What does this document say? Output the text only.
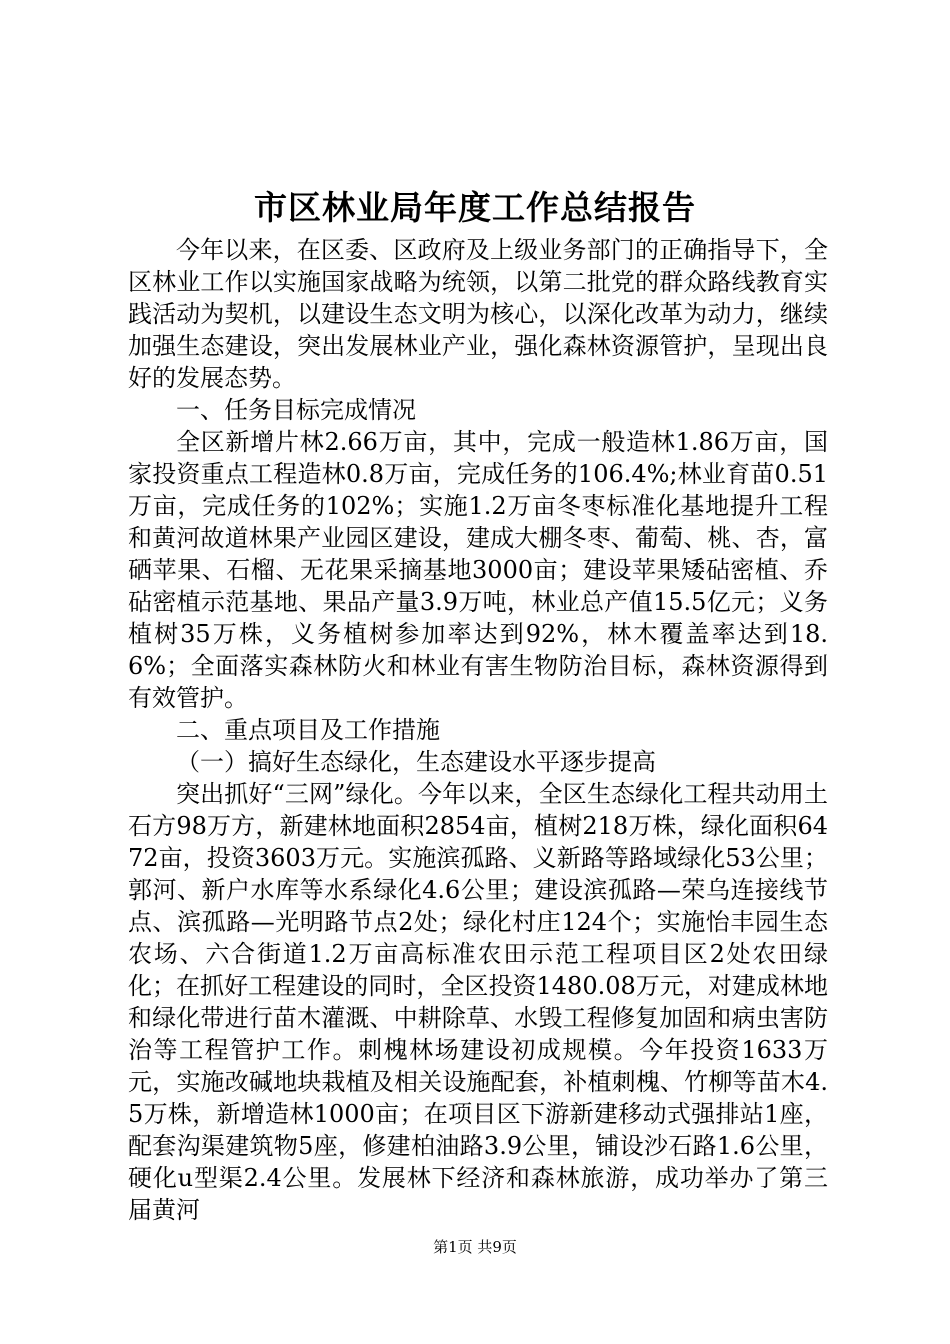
市区林业局年度工作总结报告

今年以来，在区委、区政府及上级业务部门的正确指导下，全区林业工作以实施国家战略为统领，以第二批党的群众路线教育实践活动为契机，以建设生态文明为核心，以深化改革为动力，继续加强生态建设，突出发展林业产业，强化森林资源管护，呈现出良好的发展态势。

一、任务目标完成情况

全区新增片林2.66万亩，其中，完成一般造林1.86万亩，国家投资重点工程造林0.8万亩，完成任务的106.4%;林业育苗0.51万亩，完成任务的102%；实施1.2万亩冬枣标准化基地提升工程和黄河故道林果产业园区建设，建成大棚冬枣、葡萄、桃、杏，富硒苹果、石榴、无花果采摘基地3000亩；建设苹果矮砧密植、乔砧密植示范基地、果品产量3.9万吨，林业总产值15.5亿元；义务植树35万株，义务植树参加率达到92%，林木覆盖率达到18.6%；全面落实森林防火和林业有害生物防治目标，森林资源得到有效管护。

二、重点项目及工作措施

（一）搞好生态绿化，生态建设水平逐步提高

突出抓好“三网”绿化。今年以来，全区生态绿化工程共动用土石方98万方，新建林地面积2854亩，植树218万株，绿化面积6472亩，投资3603万元。实施滨孤路、义新路等路域绿化53公里；郭河、新户水库等水系绿化4.6公里；建设滨孤路—荣乌连接线节点、滨孤路—光明路节点2处；绿化村庄124个；实施怡丰园生态农场、六合街道1.2万亩高标准农田示范工程项目区2处农田绿化；在抓好工程建设的同时，全区投资1480.08万元，对建成林地和绿化带进行苗木灌溉、中耕除草、水毁工程修复加固和病虫害防治等工程管护工作。刺槐林场建设初成规模。今年投资1633万元，实施改碱地块栽植及相关设施配套，补植刺槐、竹柳等苗木4.5万株，新增造林1000亩；在项目区下游新建移动式强排站1座，配套沟渠建筑物5座，修建柏油路3.9公里，铺设沙石路1.6公里，硬化u型渠2.4公里。发展林下经济和森林旅游，成功举办了第三届黄河

第1页 共9页
